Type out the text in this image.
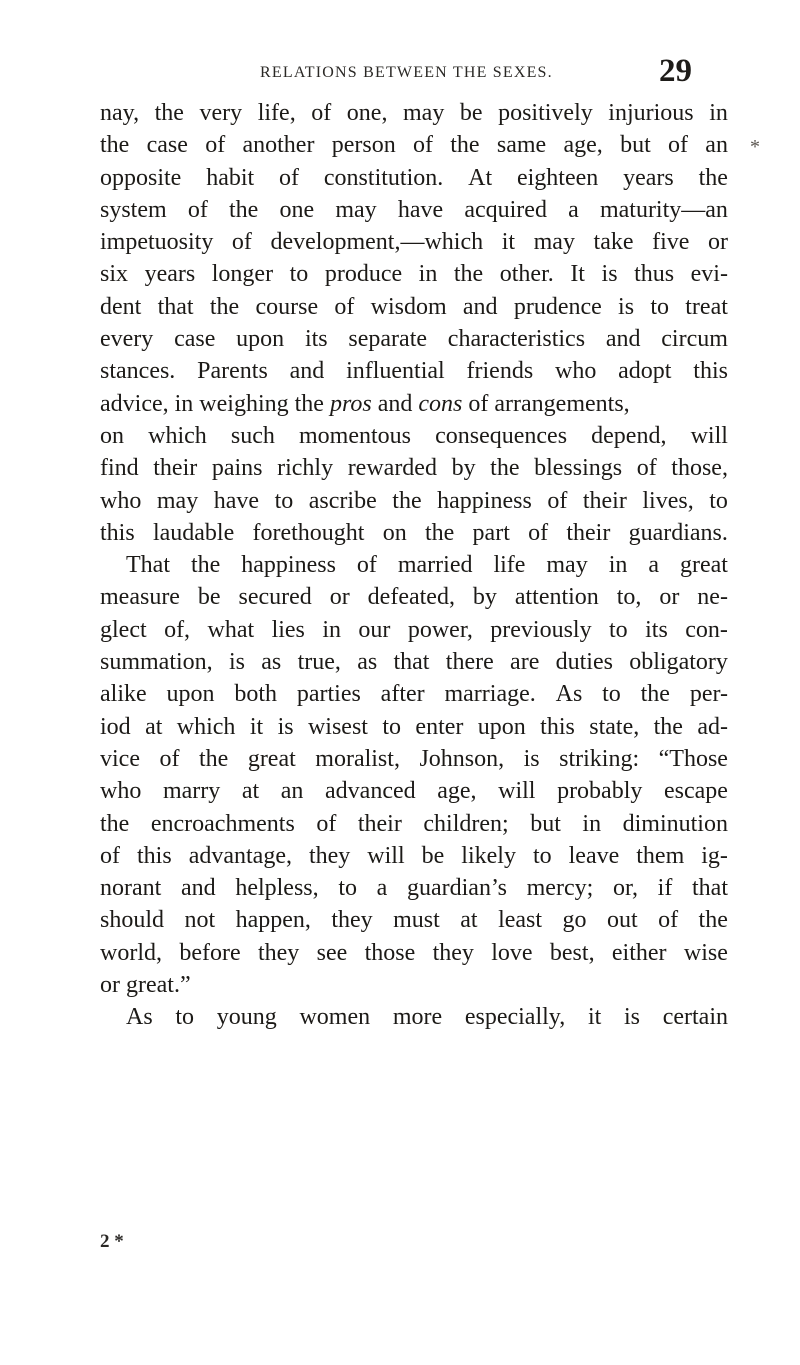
RELATIONS BETWEEN THE SEXES.	29
*
nay, the very life, of one, may be positively injurious in
the case of another person of the same age, but of an
opposite habit of constitution. At eighteen years the
system of the one may have acquired a maturity—an
impetuosity of development,—which it may take five or
six years longer to produce in the other. It is thus evi-
dent that the course of wisdom and prudence is to treat
every case upon its separate characteristics and circum
stances. Parents and influential friends who adopt this
advice, in weighing the pros and cons of arrangements,
on which such momentous consequences depend, will
find their pains richly rewarded by the blessings of those,
who may have to ascribe the happiness of their lives, to
this laudable forethought on the part of their guardians.
That the happiness of married life may in a great
measure be secured or defeated, by attention to, or ne-
glect of, what lies in our power, previously to its con-
summation, is as true, as that there are duties obligatory
alike upon both parties after marriage. As to the per-
iod at which it is wisest to enter upon this state, the ad-
vice of the great moralist, Johnson, is striking: “Those
who marry at an advanced age, will probably escape
the encroachments of their children; but in diminution
of this advantage, they will be likely to leave them ig-
norant and helpless, to a guardian’s mercy; or, if that
should not happen, they must at least go out of the
world, before they see those they love best, either wise
or great.”
As to young women more especially, it is certain
2 *
